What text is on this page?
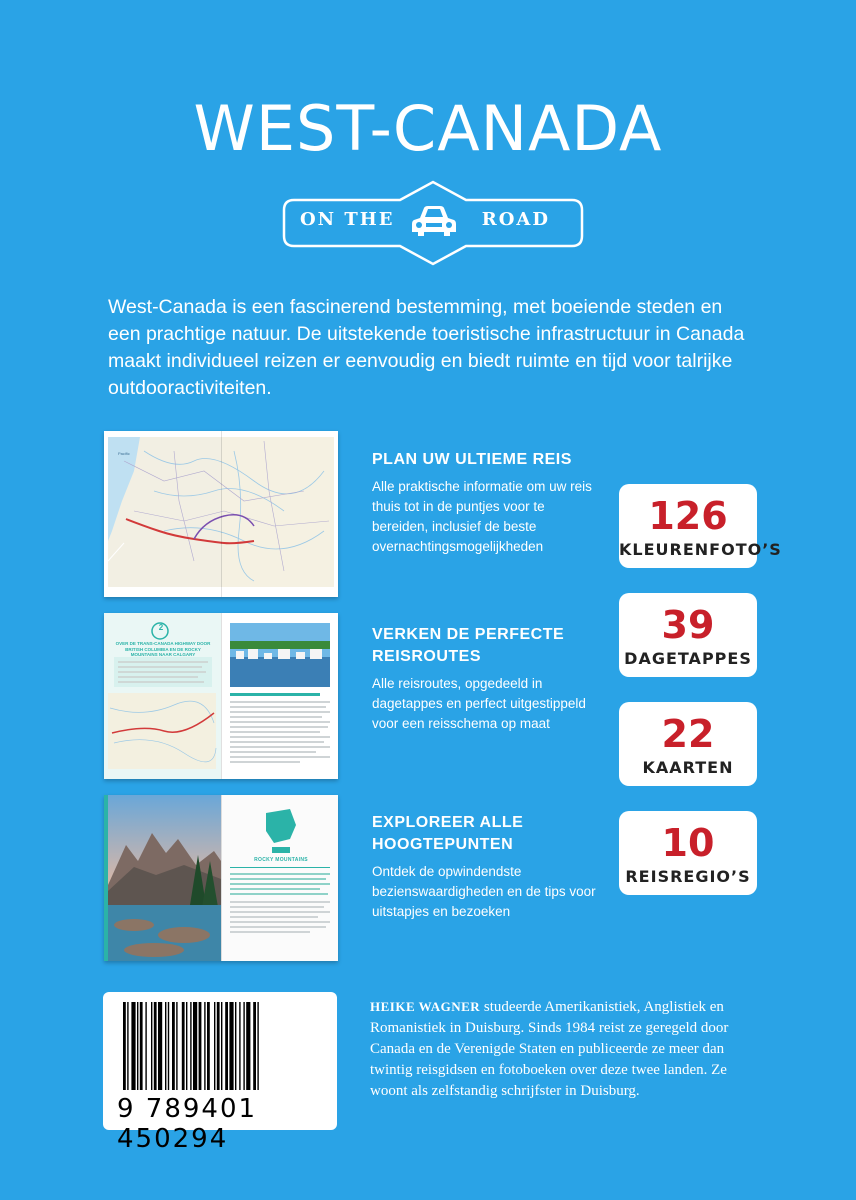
WEST-CANADA
ON THE	ROAD
West-Canada is een fascinerend bestemming, met boeiende steden en een prachtige natuur. De uitstekende toeristische infrastructuur in Canada maakt individueel reizen er eenvoudig en biedt ruimte en tijd voor talrijke outdooractiviteiten.
Pacific
2
OVER DE TRANS-CANADA HIGHWAY DOOR BRITISH COLUMBIA EN DE ROCKY MOUNTAINS NAAR CALGARY
ROCKY MOUNTAINS
PLAN UW ULTIEME REIS
Alle praktische informatie om uw reis thuis tot in de puntjes voor te bereiden, inclusief de beste overnachtingsmogelijkheden
VERKEN DE PERFECTE REISROUTES
Alle reisroutes, opgedeeld in dagetappes en perfect uitgestippeld voor een reisschema op maat
EXPLOREER ALLE HOOGTEPUNTEN
Ontdek de opwindendste bezienswaardigheden en de tips voor uitstapjes en bezoeken
126
KLEURENFOTO’S
39
DAGETAPPES
22
KAARTEN
10
REISREGIO’S
9 789401 450294
HEIKE WAGNER studeerde Amerikanistiek, Anglistiek en Romanistiek in Duisburg. Sinds 1984 reist ze geregeld door Canada en de Verenigde Staten en publiceerde ze meer dan twintig reisgidsen en fotoboeken over deze twee landen. Ze woont als zelfstandig schrijfster in Duisburg.
